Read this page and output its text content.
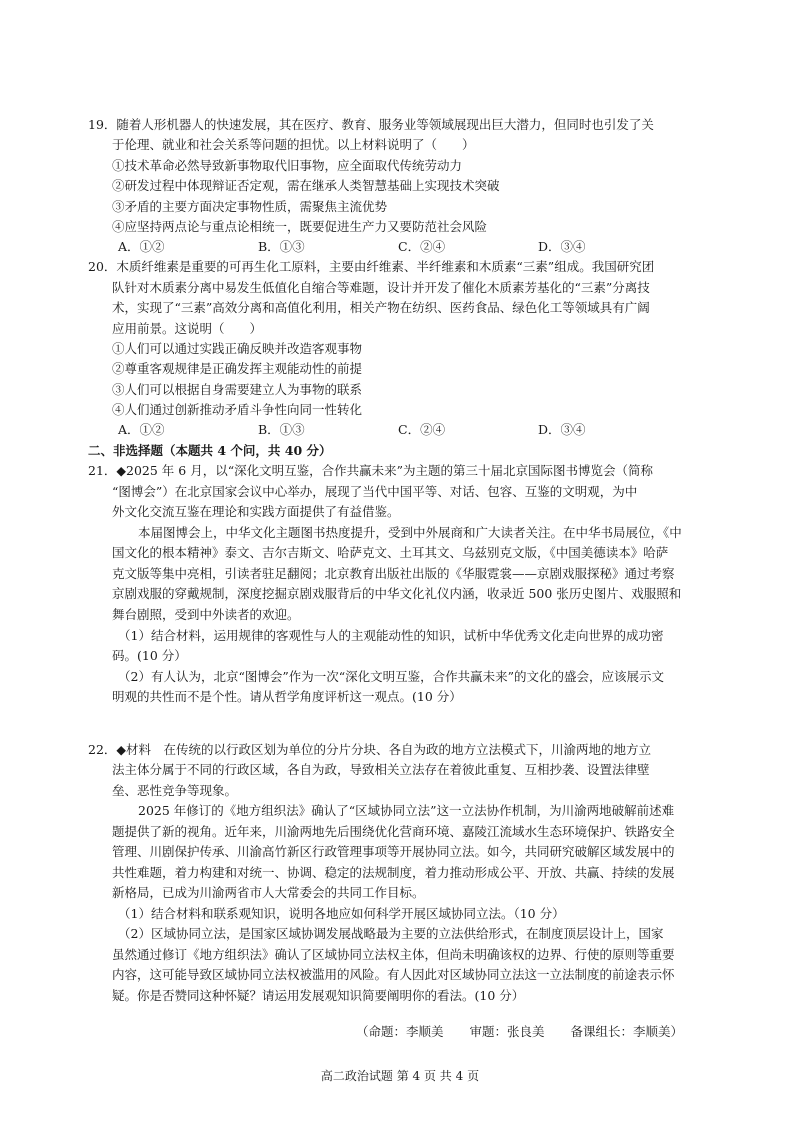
19．随着人形机器人的快速发展，其在医疗、教育、服务业等领域展现出巨大潜力，但同时也引发了关
于伦理、就业和社会关系等问题的担忧。以上材料说明了（　　）
①技术革命必然导致新事物取代旧事物，应全面取代传统劳动力
②研发过程中体现辩证否定观，需在继承人类智慧基础上实现技术突破
③矛盾的主要方面决定事物性质，需聚焦主流优势
④应坚持两点论与重点论相统一，既要促进生产力又要防范社会风险
A．①②	B．①③	C．②④	D．③④
20．木质纤维素是重要的可再生化工原料，主要由纤维素、半纤维素和木质素“三素”组成。我国研究团
队针对木质素分离中易发生低值化自缩合等难题，设计并开发了催化木质素芳基化的“三素”分离技
术，实现了“三素”高效分离和高值化利用，相关产物在纺织、医药食品、绿色化工等领域具有广阔
应用前景。这说明（　　）
①人们可以通过实践正确反映并改造客观事物
②尊重客观规律是正确发挥主观能动性的前提
③人们可以根据自身需要建立人为事物的联系
④人们通过创新推动矛盾斗争性向同一性转化
A．①②	B．①③	C．②④	D．③④
二、非选择题（本题共 4 个问，共 40 分）
21．◆2025 年 6 月，以“深化文明互鉴，合作共赢未来”为主题的第三十届北京国际图书博览会（简称
“图博会”）在北京国家会议中心举办，展现了当代中国平等、对话、包容、互鉴的文明观，为中
外文化交流互鉴在理论和实践方面提供了有益借鉴。
本届图博会上，中华文化主题图书热度提升，受到中外展商和广大读者关注。在中华书局展位，《中
国文化的根本精神》泰文、吉尔吉斯文、哈萨克文、土耳其文、乌兹别克文版，《中国美德读本》哈萨
克文版等集中亮相，引读者驻足翻阅；北京教育出版社出版的《华服霓裳——京剧戏服探秘》通过考察
京剧戏服的穿戴规制，深度挖掘京剧戏服背后的中华文化礼仪内涵，收录近 500 张历史图片、戏服照和
舞台剧照，受到中外读者的欢迎。
（1）结合材料，运用规律的客观性与人的主观能动性的知识，试析中华优秀文化走向世界的成功密
码。(10 分）
（2）有人认为，北京“图博会”作为一次“深化文明互鉴，合作共赢未来”的文化的盛会，应该展示文
明观的共性而不是个性。请从哲学角度评析这一观点。(10 分）
22．◆材料　在传统的以行政区划为单位的分片分块、各自为政的地方立法模式下，川渝两地的地方立
法主体分属于不同的行政区域，各自为政，导致相关立法存在着彼此重复、互相抄袭、设置法律壁
垒、恶性竞争等现象。
2025 年修订的《地方组织法》确认了“区域协同立法”这一立法协作机制，为川渝两地破解前述难
题提供了新的视角。近年来，川渝两地先后围绕优化营商环境、嘉陵江流域水生态环境保护、铁路安全
管理、川剧保护传承、川渝高竹新区行政管理事项等开展协同立法。如今，共同研究破解区域发展中的
共性难题，着力构建和对统一、协调、稳定的法规制度，着力推动形成公平、开放、共赢、持续的发展
新格局，已成为川渝两省市人大常委会的共同工作目标。
（1）结合材料和联系观知识，说明各地应如何科学开展区域协同立法。（10 分）
（2）区域协同立法，是国家区域协调发展战略最为主要的立法供给形式，在制度顶层设计上，国家
虽然通过修订《地方组织法》确认了区域协同立法权主体，但尚未明确该权的边界、行使的原则等重要
内容，这可能导致区域协同立法权被滥用的风险。有人因此对区域协同立法这一立法制度的前途表示怀
疑。你是否赞同这种怀疑？请运用发展观知识简要阐明你的看法。(10 分）
（命题：李顺美 审题：张良美 备课组长：李顺美）
高二政治试题 第 4 页 共 4 页
